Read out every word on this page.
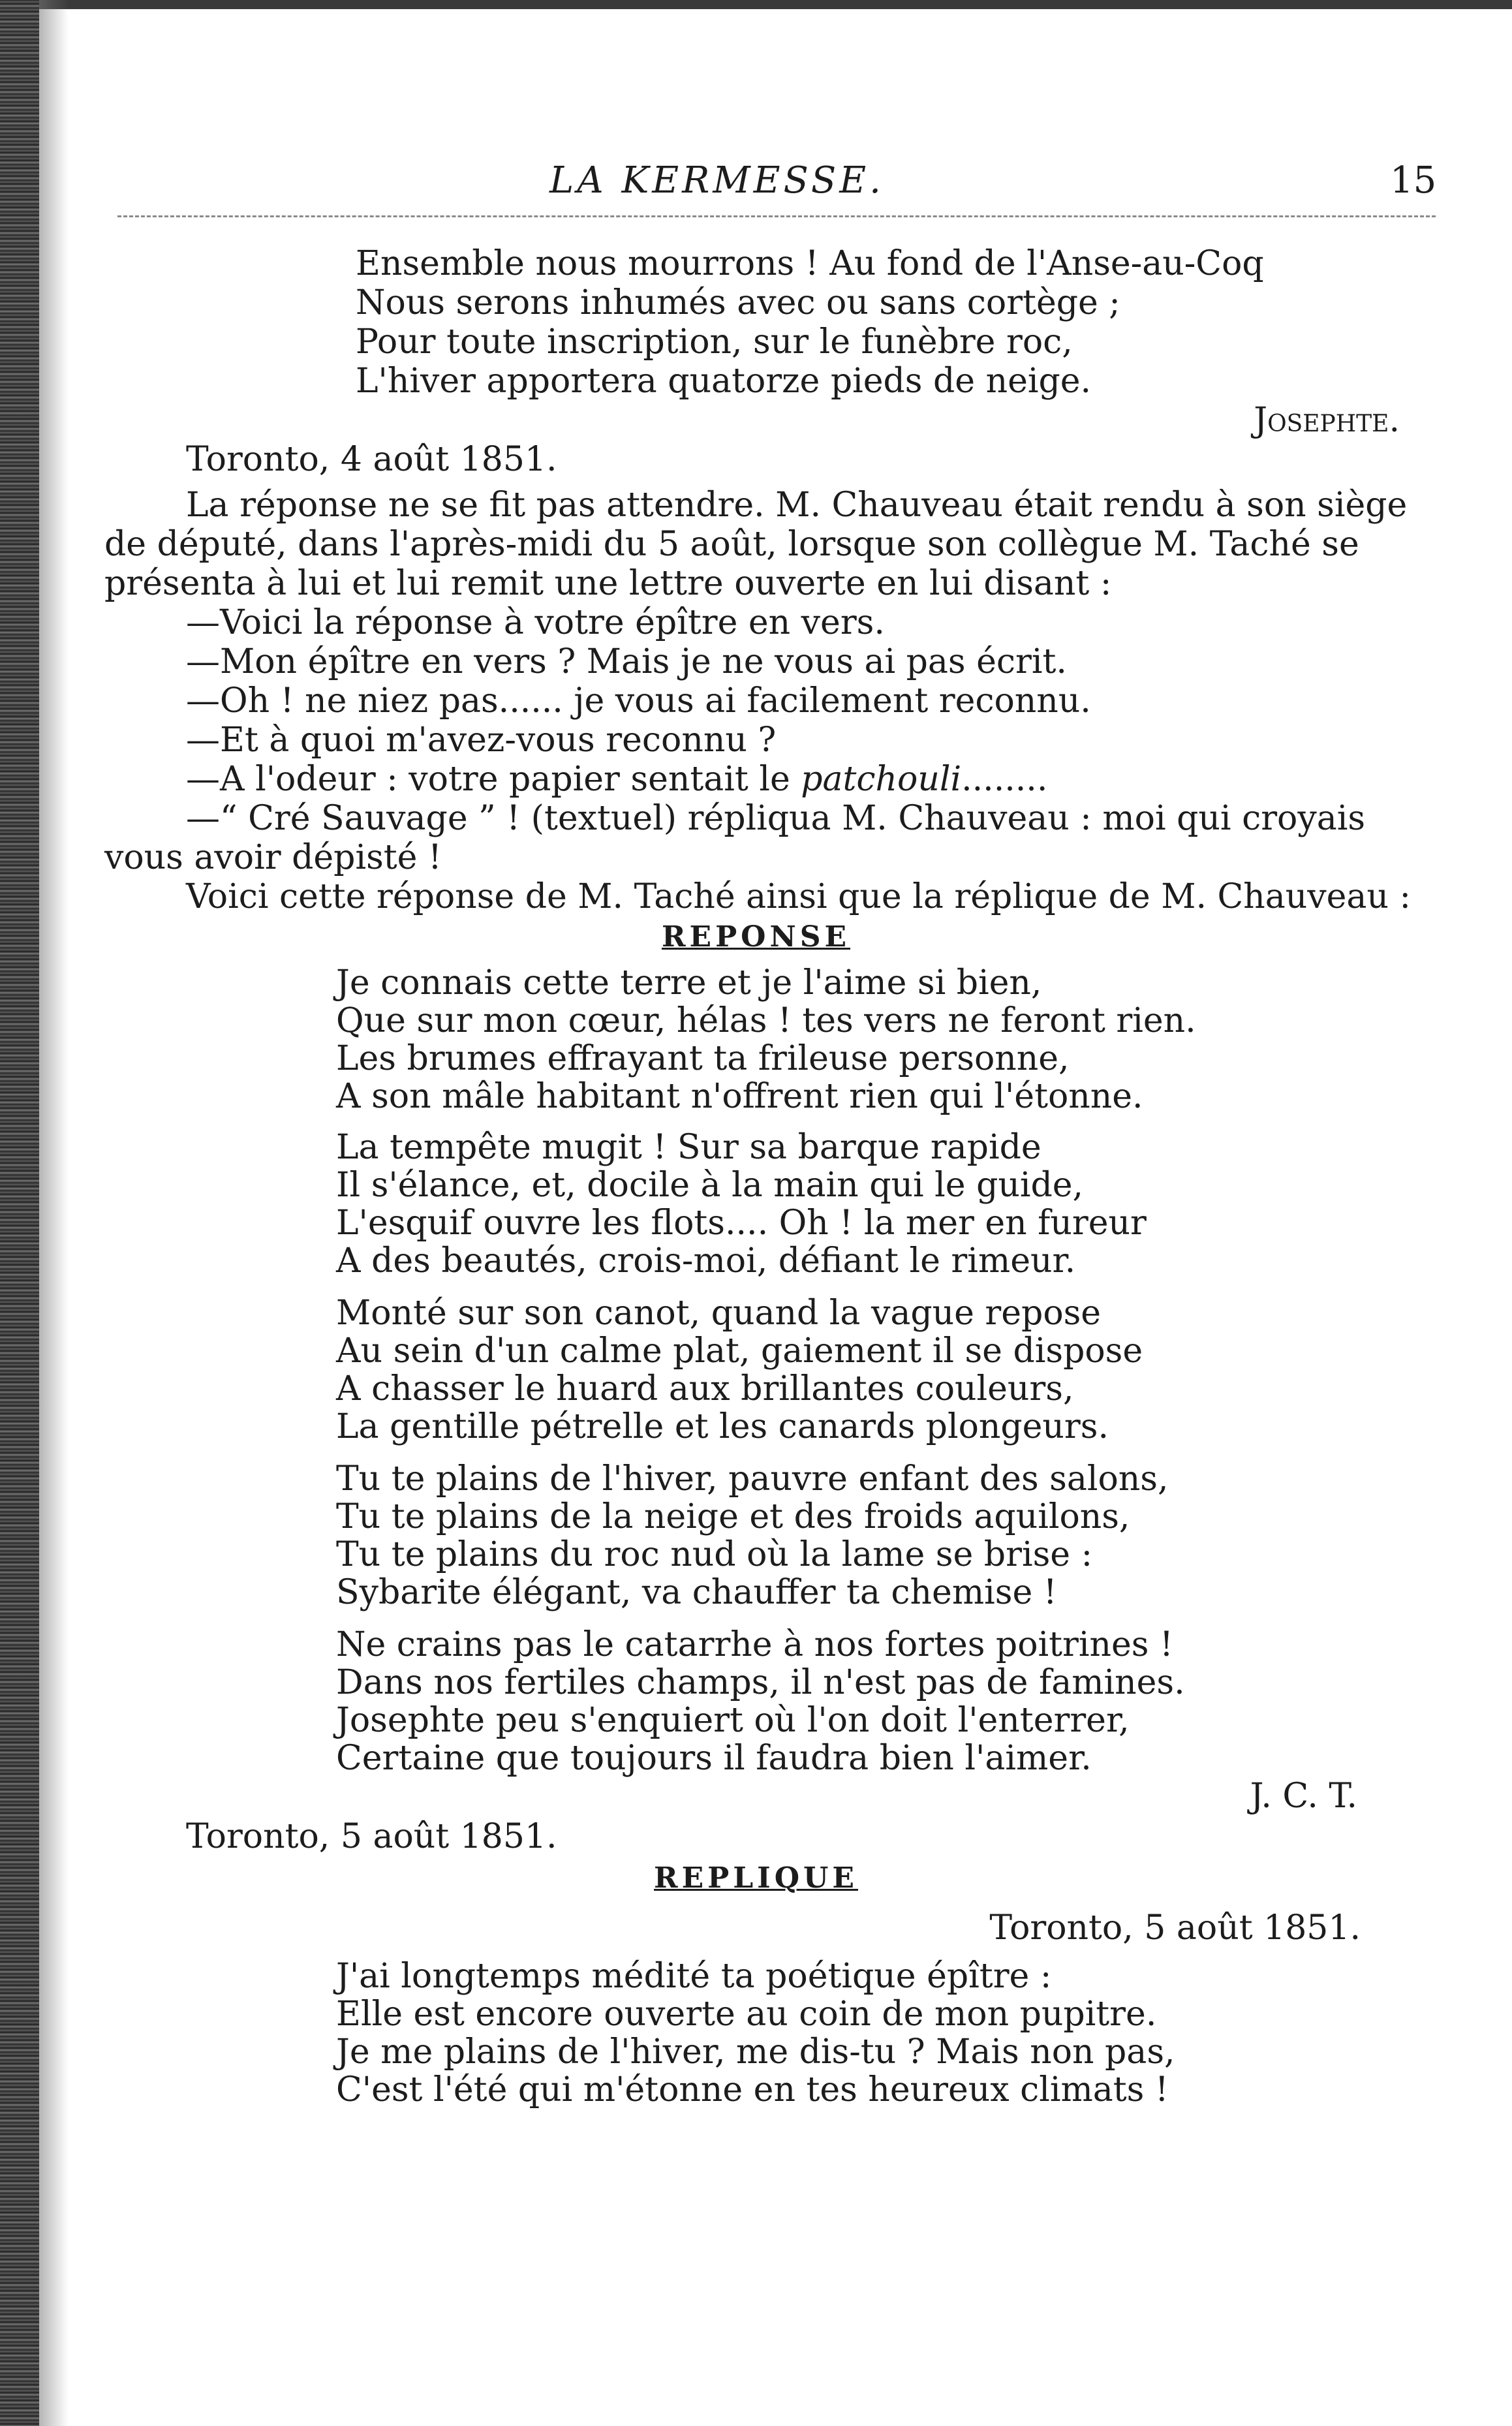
LA KERMESSE.	15
Ensemble nous mourrons ! Au fond de l'Anse-au-Coq
Nous serons inhumés avec ou sans cortège ;
Pour toute inscription, sur le funèbre roc,
L'hiver apportera quatorze pieds de neige.
Josephte.
Toronto, 4 août 1851.
La réponse ne se fit pas attendre. M. Chauveau était rendu à son siège
de député, dans l'après-midi du 5 août, lorsque son collègue M. Taché se
présenta à lui et lui remit une lettre ouverte en lui disant :
—Voici la réponse à votre épître en vers.
—Mon épître en vers ? Mais je ne vous ai pas écrit.
—Oh ! ne niez pas...... je vous ai facilement reconnu.
—Et à quoi m'avez-vous reconnu ?
—A l'odeur : votre papier sentait le patchouli........
—“ Cré Sauvage ” ! (textuel) répliqua M. Chauveau : moi qui croyais
vous avoir dépisté !
Voici cette réponse de M. Taché ainsi que la réplique de M. Chauveau :
REPONSE
Je connais cette terre et je l'aime si bien,
Que sur mon cœur, hélas ! tes vers ne feront rien.
Les brumes effrayant ta frileuse personne,
A son mâle habitant n'offrent rien qui l'étonne.
La tempête mugit ! Sur sa barque rapide
Il s'élance, et, docile à la main qui le guide,
L'esquif ouvre les flots.... Oh ! la mer en fureur
A des beautés, crois-moi, défiant le rimeur.
Monté sur son canot, quand la vague repose
Au sein d'un calme plat, gaiement il se dispose
A chasser le huard aux brillantes couleurs,
La gentille pétrelle et les canards plongeurs.
Tu te plains de l'hiver, pauvre enfant des salons,
Tu te plains de la neige et des froids aquilons,
Tu te plains du roc nud où la lame se brise :
Sybarite élégant, va chauffer ta chemise !
Ne crains pas le catarrhe à nos fortes poitrines !
Dans nos fertiles champs, il n'est pas de famines.
Josephte peu s'enquiert où l'on doit l'enterrer,
Certaine que toujours il faudra bien l'aimer.
J. C. T.
Toronto, 5 août 1851.
REPLIQUE
Toronto, 5 août 1851.
J'ai longtemps médité ta poétique épître :
Elle est encore ouverte au coin de mon pupitre.
Je me plains de l'hiver, me dis-tu ? Mais non pas,
C'est l'été qui m'étonne en tes heureux climats !
